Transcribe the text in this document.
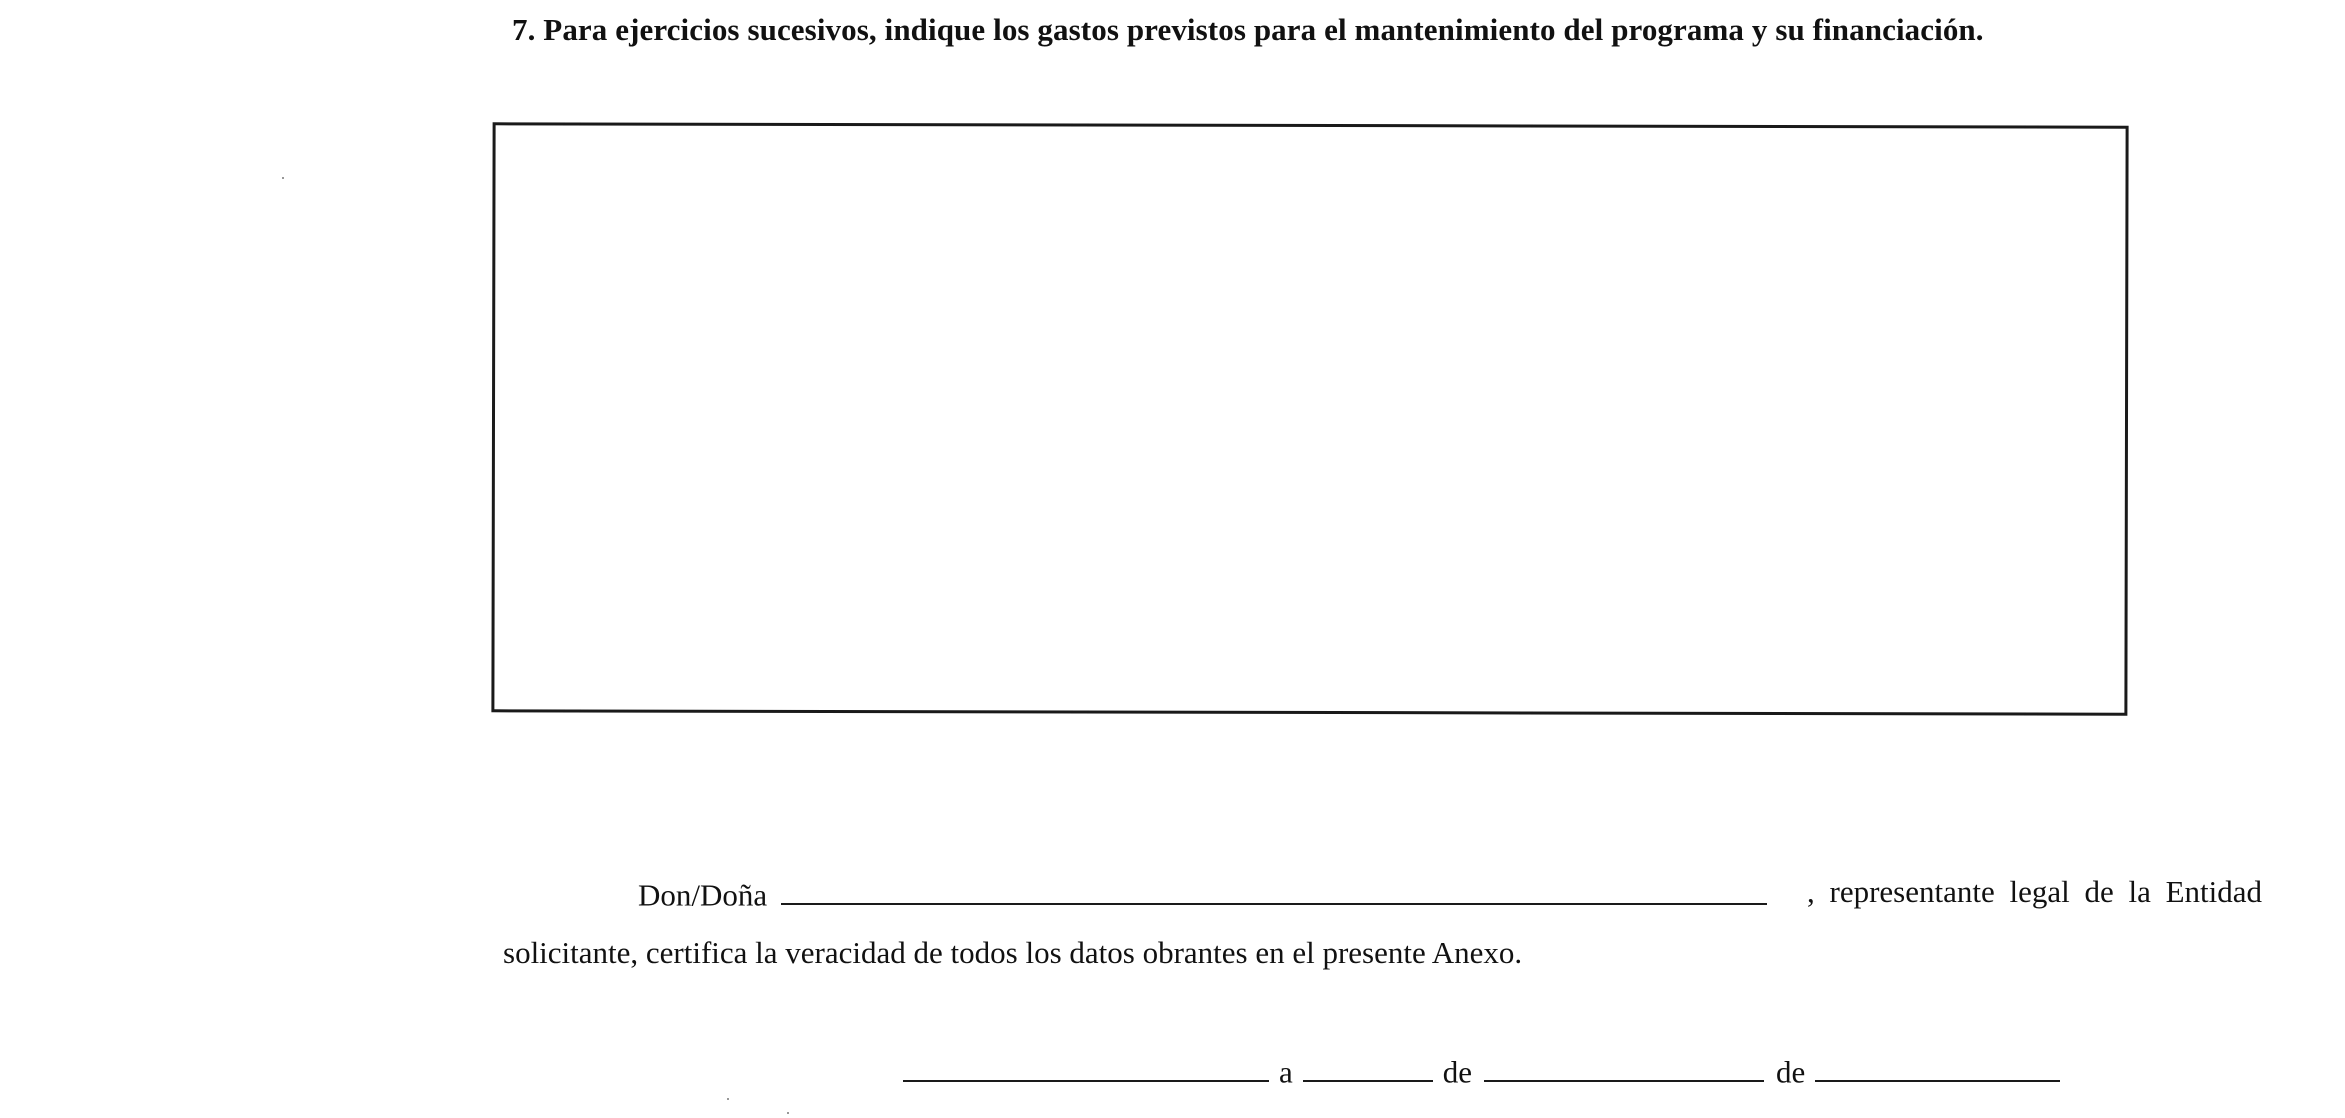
7. Para ejercicios sucesivos, indique los gastos previstos para el mantenimiento del programa y su financiación.
Don/Doña	, representante legal de la Entidad
solicitante, certifica la veracidad de todos los datos obrantes en el presente Anexo.
a	de	de
